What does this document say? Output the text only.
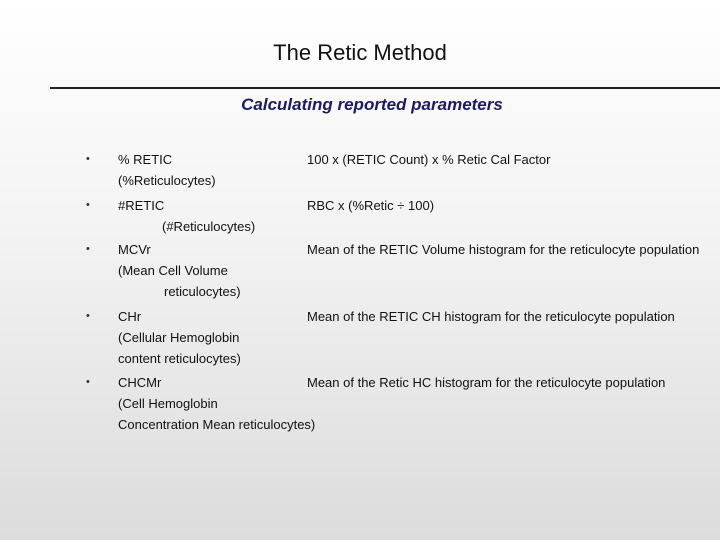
The Retic Method
Calculating reported parameters
• % RETIC
(%Reticulocytes)
100 x (RETIC Count) x % Retic Cal Factor
• #RETIC
(#Reticulocytes)
RBC x (%Retic ÷ 100)
• MCVr
(Mean Cell Volume
reticulocytes)
Mean of the RETIC Volume histogram for the reticulocyte population
• CHr
(Cellular Hemoglobin
content reticulocytes)
Mean of the RETIC CH histogram for the reticulocyte population
• CHCMr
(Cell Hemoglobin
Concentration Mean reticulocytes)
Mean of the Retic HC histogram for the reticulocyte population
